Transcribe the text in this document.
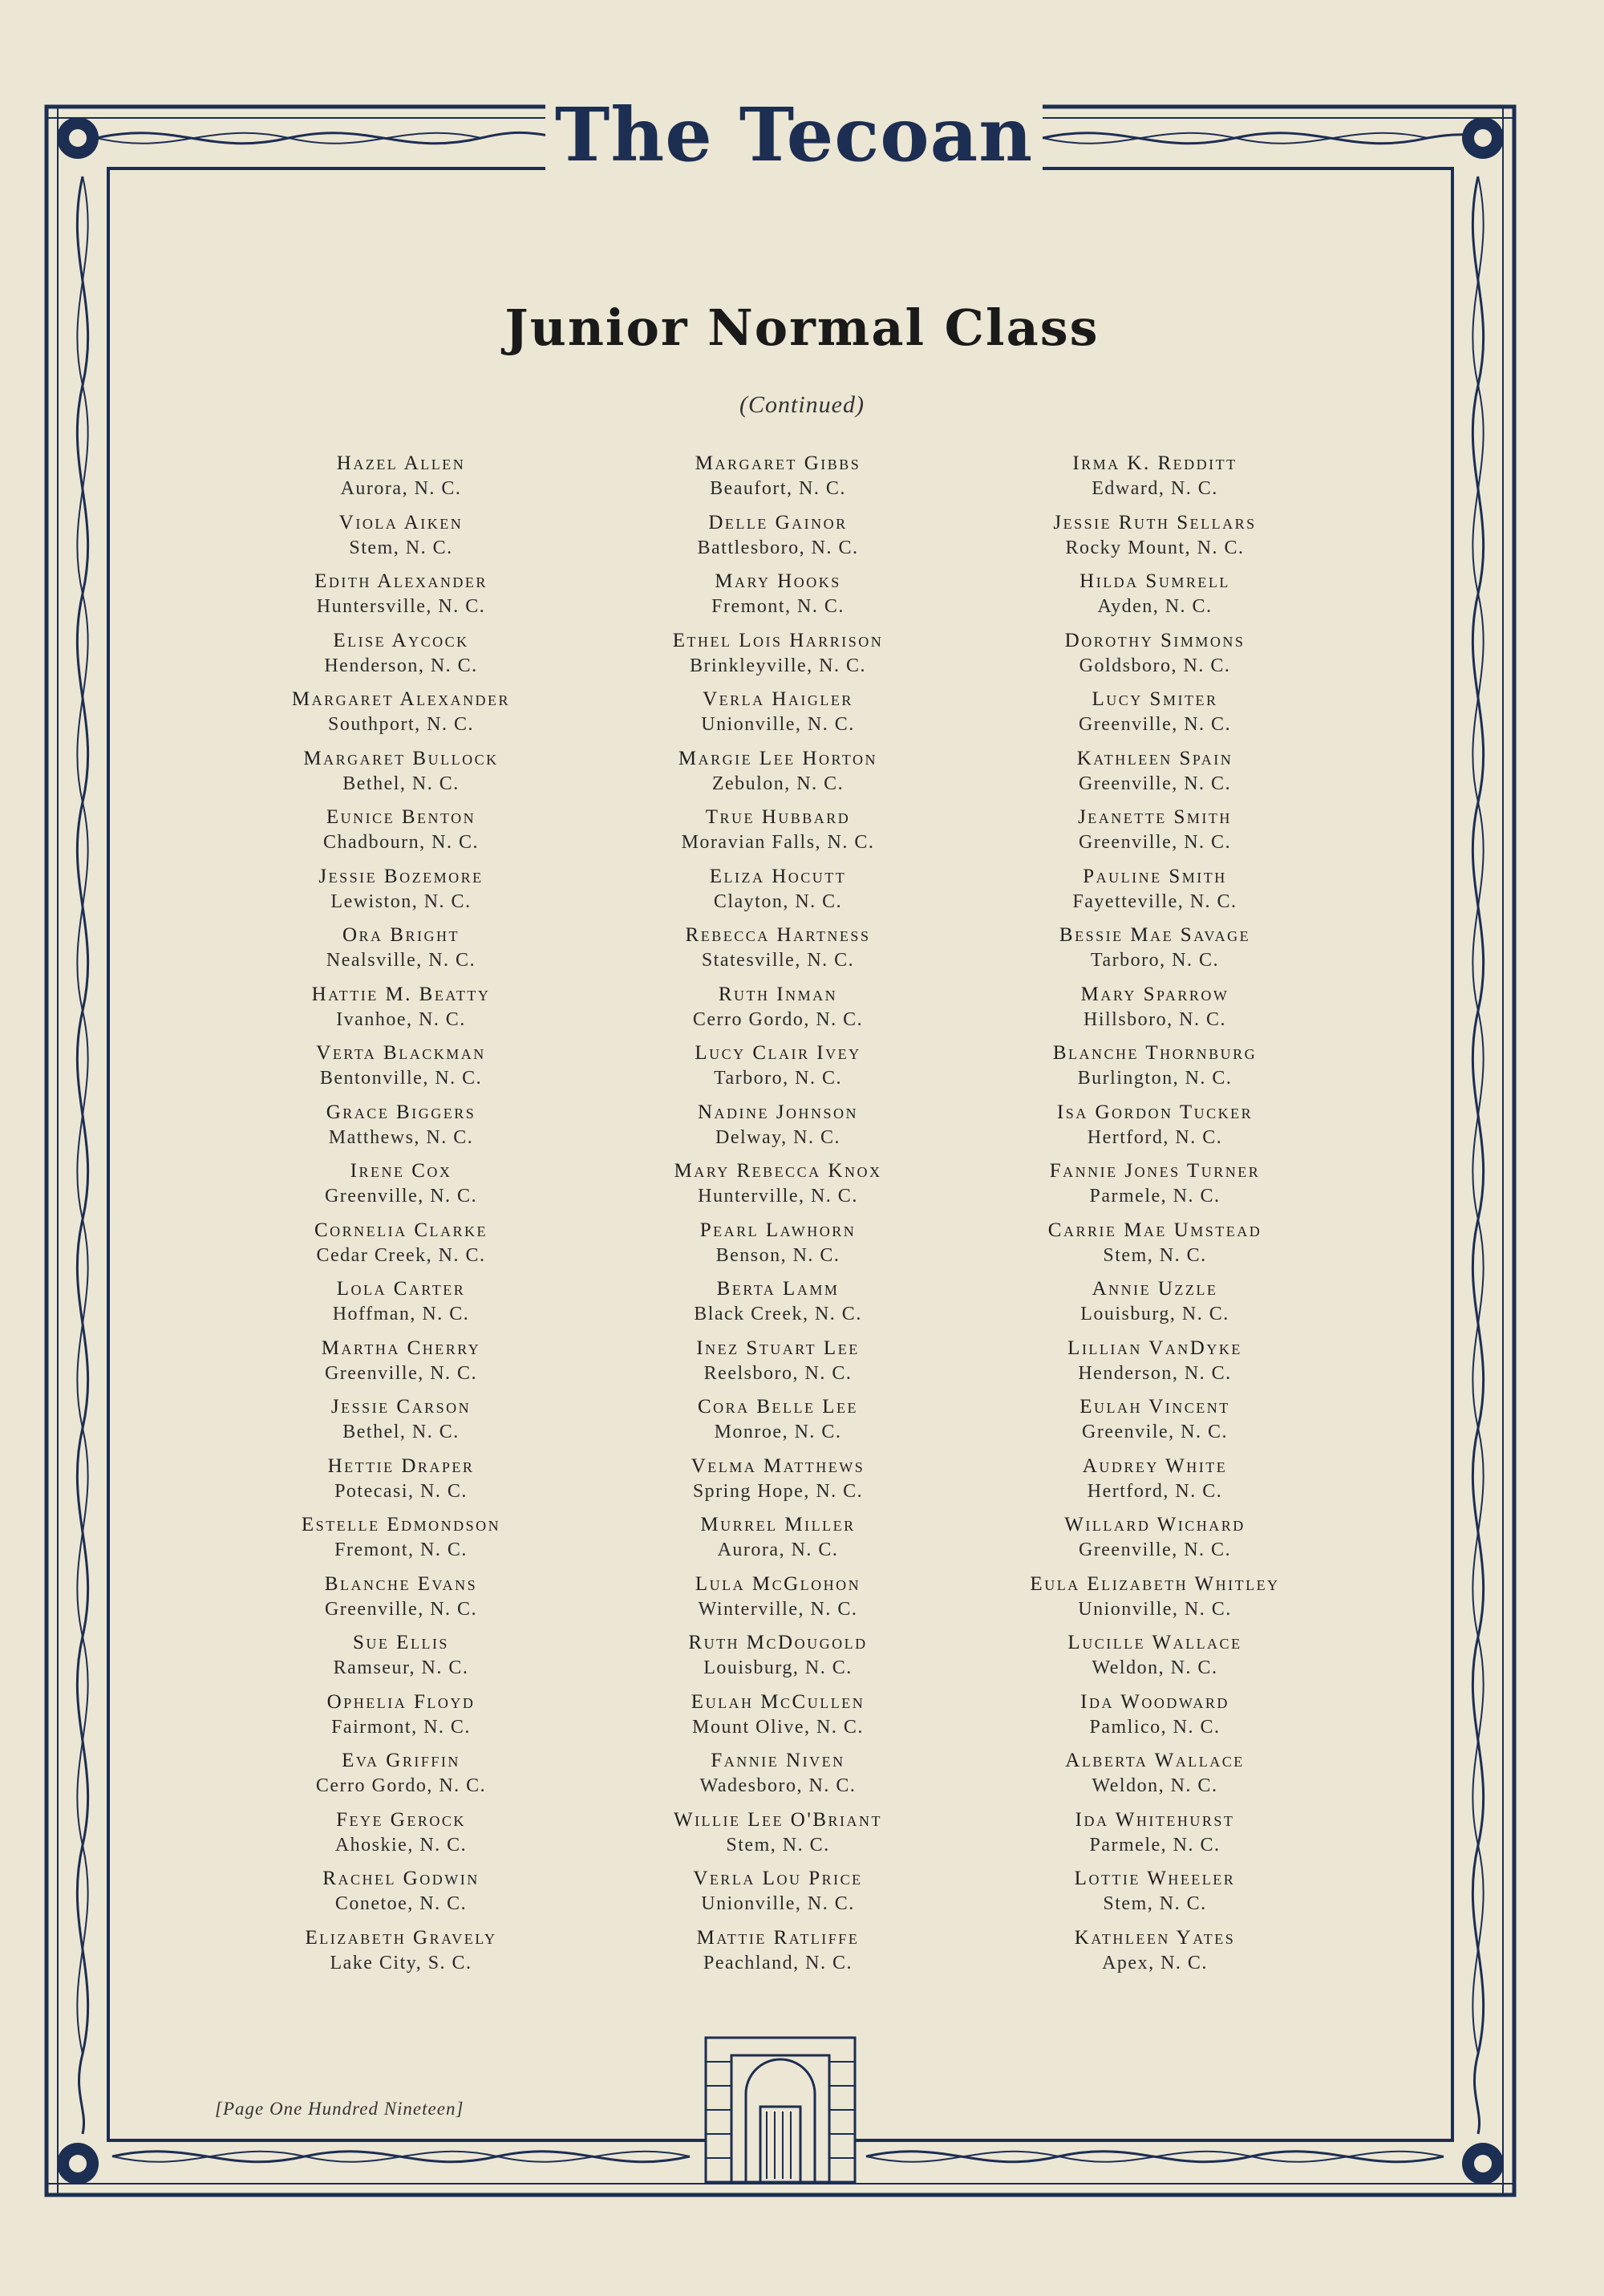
The Tecoan
Junior Normal Class
(Continued)
Hazel Allen
Aurora, N. C.
Viola Aiken
Stem, N. C.
Edith Alexander
Huntersville, N. C.
Elise Aycock
Henderson, N. C.
Margaret Alexander
Southport, N. C.
Margaret Bullock
Bethel, N. C.
Eunice Benton
Chadbourn, N. C.
Jessie Bozemore
Lewiston, N. C.
Ora Bright
Nealsville, N. C.
Hattie M. Beatty
Ivanhoe, N. C.
Verta Blackman
Bentonville, N. C.
Grace Biggers
Matthews, N. C.
Irene Cox
Greenville, N. C.
Cornelia Clarke
Cedar Creek, N. C.
Lola Carter
Hoffman, N. C.
Martha Cherry
Greenville, N. C.
Jessie Carson
Bethel, N. C.
Hettie Draper
Potecasi, N. C.
Estelle Edmondson
Fremont, N. C.
Blanche Evans
Greenville, N. C.
Sue Ellis
Ramseur, N. C.
Ophelia Floyd
Fairmont, N. C.
Eva Griffin
Cerro Gordo, N. C.
Feye Gerock
Ahoskie, N. C.
Rachel Godwin
Conetoe, N. C.
Elizabeth Gravely
Lake City, S. C.
Margaret Gibbs
Beaufort, N. C.
Delle Gainor
Battlesboro, N. C.
Mary Hooks
Fremont, N. C.
Ethel Lois Harrison
Brinkleyville, N. C.
Verla Haigler
Unionville, N. C.
Margie Lee Horton
Zebulon, N. C.
True Hubbard
Moravian Falls, N. C.
Eliza Hocutt
Clayton, N. C.
Rebecca Hartness
Statesville, N. C.
Ruth Inman
Cerro Gordo, N. C.
Lucy Clair Ivey
Tarboro, N. C.
Nadine Johnson
Delway, N. C.
Mary Rebecca Knox
Hunterville, N. C.
Pearl Lawhorn
Benson, N. C.
Berta Lamm
Black Creek, N. C.
Inez Stuart Lee
Reelsboro, N. C.
Cora Belle Lee
Monroe, N. C.
Velma Matthews
Spring Hope, N. C.
Murrel Miller
Aurora, N. C.
Lula McGlohon
Winterville, N. C.
Ruth McDougold
Louisburg, N. C.
Eulah McCullen
Mount Olive, N. C.
Fannie Niven
Wadesboro, N. C.
Willie Lee O'Briant
Stem, N. C.
Verla Lou Price
Unionville, N. C.
Mattie Ratliffe
Peachland, N. C.
Irma K. Redditt
Edward, N. C.
Jessie Ruth Sellars
Rocky Mount, N. C.
Hilda Sumrell
Ayden, N. C.
Dorothy Simmons
Goldsboro, N. C.
Lucy Smiter
Greenville, N. C.
Kathleen Spain
Greenville, N. C.
Jeanette Smith
Greenville, N. C.
Pauline Smith
Fayetteville, N. C.
Bessie Mae Savage
Tarboro, N. C.
Mary Sparrow
Hillsboro, N. C.
Blanche Thornburg
Burlington, N. C.
Isa Gordon Tucker
Hertford, N. C.
Fannie Jones Turner
Parmele, N. C.
Carrie Mae Umstead
Stem, N. C.
Annie Uzzle
Louisburg, N. C.
Lillian VanDyke
Henderson, N. C.
Eulah Vincent
Greenvile, N. C.
Audrey White
Hertford, N. C.
Willard Wichard
Greenville, N. C.
Eula Elizabeth Whitley
Unionville, N. C.
Lucille Wallace
Weldon, N. C.
Ida Woodward
Pamlico, N. C.
Alberta Wallace
Weldon, N. C.
Ida Whitehurst
Parmele, N. C.
Lottie Wheeler
Stem, N. C.
Kathleen Yates
Apex, N. C.
[Page One Hundred Nineteen]
